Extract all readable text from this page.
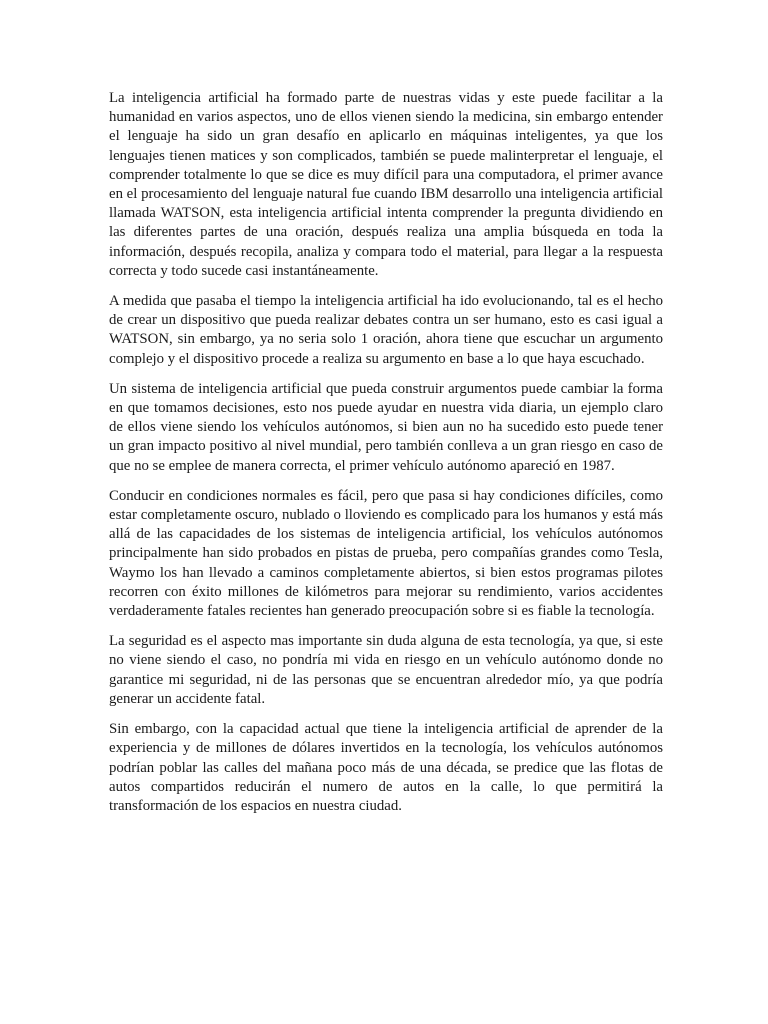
La inteligencia artificial ha formado parte de nuestras vidas y este puede facilitar a la humanidad en varios aspectos, uno de ellos vienen siendo la medicina, sin embargo entender el lenguaje ha sido un gran desafío en aplicarlo en máquinas inteligentes, ya que los lenguajes tienen matices y son complicados, también se puede malinterpretar el lenguaje, el comprender totalmente lo que se dice es muy difícil para una computadora, el primer avance en el procesamiento del lenguaje natural fue cuando IBM desarrollo una inteligencia artificial llamada WATSON, esta inteligencia artificial intenta comprender la pregunta dividiendo en las diferentes partes de una oración, después realiza una amplia búsqueda en toda la información, después recopila, analiza y compara todo el material, para llegar a la respuesta correcta y todo sucede casi instantáneamente.

A medida que pasaba el tiempo la inteligencia artificial ha ido evolucionando, tal es el hecho de crear un dispositivo que pueda realizar debates contra un ser humano, esto es casi igual a WATSON, sin embargo, ya no seria solo 1 oración, ahora tiene que escuchar un argumento complejo y el dispositivo procede a realiza su argumento en base a lo que haya escuchado.

Un sistema de inteligencia artificial que pueda construir argumentos puede cambiar la forma en que tomamos decisiones, esto nos puede ayudar en nuestra vida diaria, un ejemplo claro de ellos viene siendo los vehículos autónomos, si bien aun no ha sucedido esto puede tener un gran impacto positivo al nivel mundial, pero también conlleva a un gran riesgo en caso de que no se emplee de manera correcta, el primer vehículo autónomo apareció en 1987.

Conducir en condiciones normales es fácil, pero que pasa si hay condiciones difíciles, como estar completamente oscuro, nublado o lloviendo es complicado para los humanos y está más allá de las capacidades de los sistemas de inteligencia artificial, los vehículos autónomos principalmente han sido probados en pistas de prueba, pero compañías grandes como Tesla, Waymo los han llevado a caminos completamente abiertos, si bien estos programas pilotes recorren con éxito millones de kilómetros para mejorar su rendimiento, varios accidentes verdaderamente fatales recientes han generado preocupación sobre si es fiable la tecnología.

La seguridad es el aspecto mas importante sin duda alguna de esta tecnología, ya que, si este no viene siendo el caso, no pondría mi vida en riesgo en un vehículo autónomo donde no garantice mi seguridad, ni de las personas que se encuentran alrededor mío, ya que podría generar un accidente fatal.

Sin embargo, con la capacidad actual que tiene la inteligencia artificial de aprender de la experiencia y de millones de dólares invertidos en la tecnología, los vehículos autónomos podrían poblar las calles del mañana poco más de una década, se predice que las flotas de autos compartidos reducirán el numero de autos en la calle, lo que permitirá la transformación de los espacios en nuestra ciudad.
